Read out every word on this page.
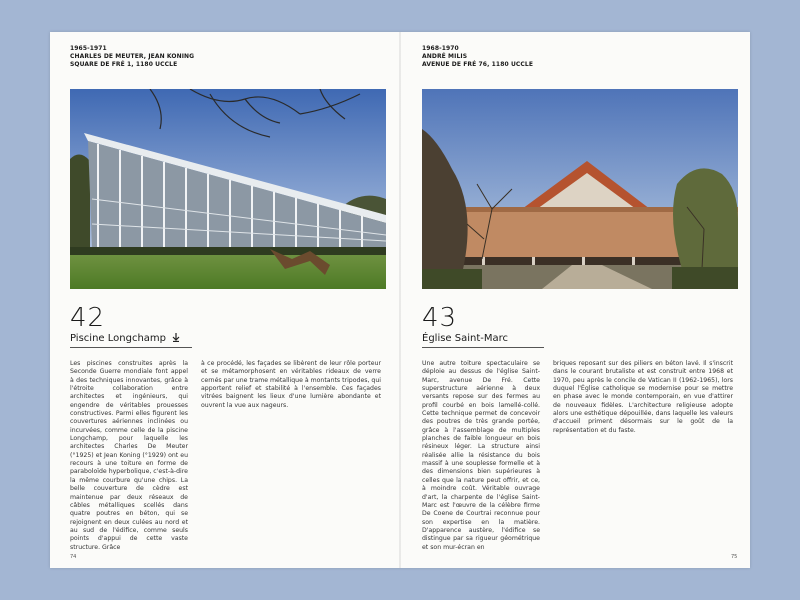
1965-1971
CHARLES DE MEUTER, JEAN KONING
SQUARE DE FRÉ 1, 1180 UCCLE
42
Piscine Longchamp
Les piscines construites après la Seconde Guerre mondiale font appel à des techniques innovantes, grâce à l'étroite collaboration entre architectes et ingénieurs, qui engendre de véritables prouesses constructives. Parmi elles figurent les couvertures aériennes inclinées ou incurvées, comme celle de la piscine Longchamp, pour laquelle les architectes Charles De Meuter (°1925) et Jean Koning (°1929) ont eu recours à une toiture en forme de paraboloïde hyperbolique, c'est-à-dire la même courbure qu'une chips. La belle couverture de cèdre est maintenue par deux réseaux de câbles métalliques scellés dans quatre poutres en béton, qui se rejoignent en deux culées au nord et au sud de l'édifice, comme seuls points d'appui de cette vaste structure. Grâce
à ce procédé, les façades se libèrent de leur rôle porteur et se métamorphosent en véritables rideaux de verre cernés par une trame métallique à montants tripodes, qui apportent relief et stabilité à l'ensemble. Ces façades vitrées baignent les lieux d'une lumière abondante et ouvrent la vue aux nageurs.
74
1968-1970
ANDRÉ MILIS
AVENUE DE FRÉ 76, 1180 UCCLE
43
Église Saint-Marc
Une autre toiture spectaculaire se déploie au dessus de l'église Saint-Marc, avenue De Fré. Cette superstructure aérienne à deux versants repose sur des fermes au profil courbé en bois lamellé-collé. Cette technique permet de concevoir des poutres de très grande portée, grâce à l'assemblage de multiples planches de faible longueur en bois résineux léger. La structure ainsi réalisée allie la résistance du bois massif à une souplesse formelle et à des dimensions bien supérieures à celles que la nature peut offrir, et ce, à moindre coût. Véritable ouvrage d'art, la charpente de l'église Saint-Marc est l'œuvre de la célèbre firme De Coene de Courtrai reconnue pour son expertise en la matière. D'apparence austère, l'édifice se distingue par sa rigueur géométrique et son mur-écran en
briques reposant sur des piliers en béton lavé. Il s'inscrit dans le courant brutaliste et est construit entre 1968 et 1970, peu après le concile de Vatican II (1962-1965), lors duquel l'Église catholique se modernise pour se mettre en phase avec le monde contemporain, en vue d'attirer de nouveaux fidèles. L'architecture religieuse adopte alors une esthétique dépouillée, dans laquelle les valeurs d'accueil priment désormais sur le goût de la représentation et du faste.
75
